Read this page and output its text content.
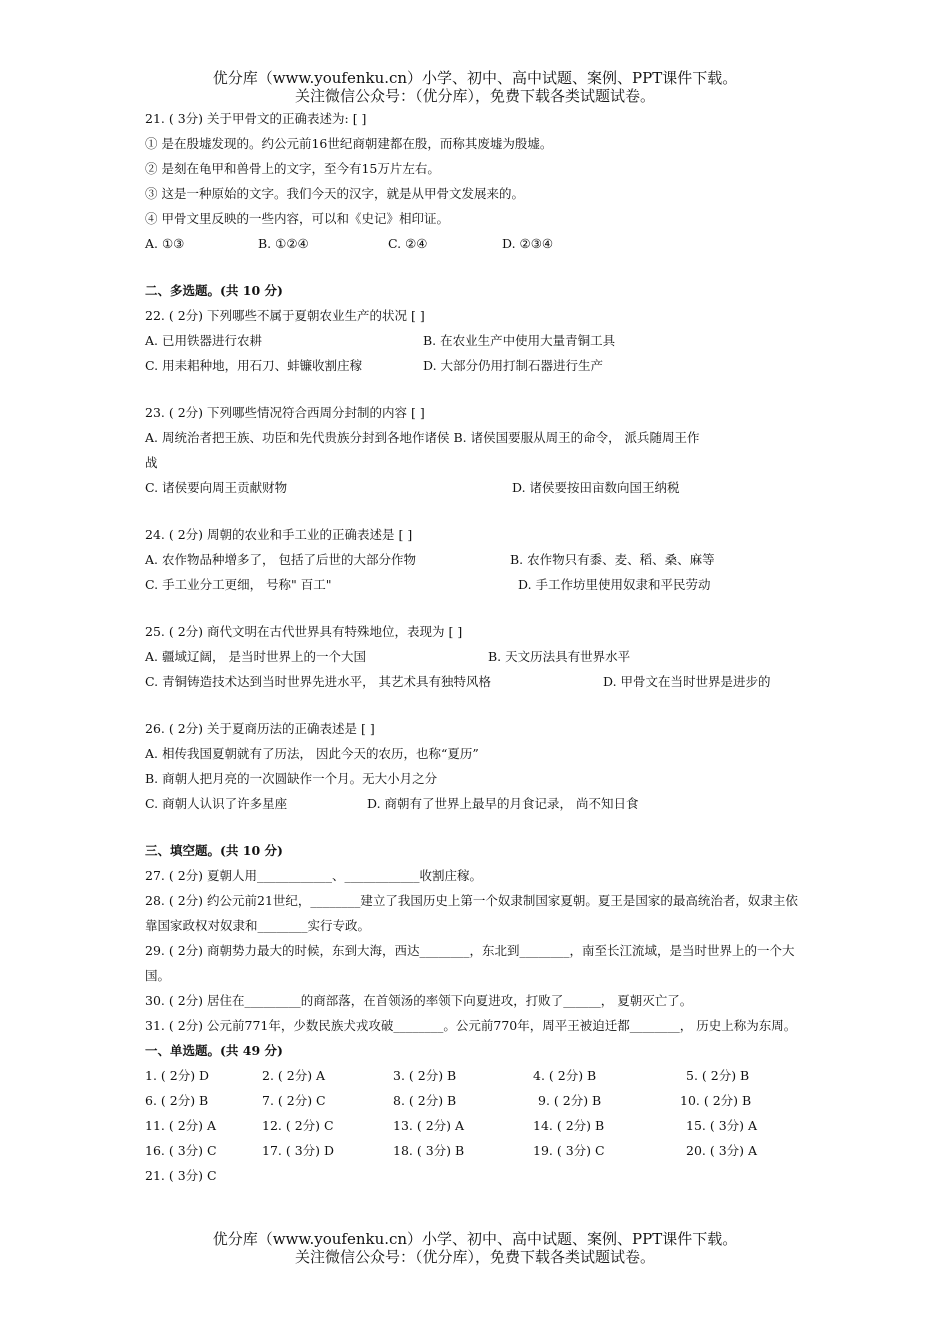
优分库（www.youfenku.cn）小学、初中、高中试题、案例、PPT课件下载。
关注微信公众号：（优分库），免费下载各类试题试卷。
21. ( 3分) 关于甲骨文的正确表述为: [ ]
① 是在殷墟发现的。约公元前16世纪商朝建都在殷，而称其废墟为殷墟。
② 是刻在龟甲和兽骨上的文字，至今有15万片左右。
③ 这是一种原始的文字。我们今天的汉字，就是从甲骨文发展来的。
④ 甲骨文里反映的一些内容，可以和《史记》相印证。
A. ①③	B. ①②④	C. ②④	D. ②③④
二、多选题。(共 10 分)
22. ( 2分) 下列哪些不属于夏朝农业生产的状况 [ ]
A. 已用铁器进行农耕	B. 在农业生产中使用大量青铜工具
C. 用耒耜种地，用石刀、蚌镰收割庄稼	D. 大部分仍用打制石器进行生产
23. ( 2分) 下列哪些情况符合西周分封制的内容 [ ]
A. 周统治者把王族、功臣和先代贵族分封到各地作诸侯 B. 诸侯国要服从周王的命令， 派兵随周王作
战
C. 诸侯要向周王贡献财物	D. 诸侯要按田亩数向国王纳税
24. ( 2分) 周朝的农业和手工业的正确表述是 [ ]
A. 农作物品种增多了， 包括了后世的大部分作物	B. 农作物只有黍、麦、稻、桑、麻等
C. 手工业分工更细， 号称" 百工"	D. 手工作坊里使用奴隶和平民劳动
25. ( 2分) 商代文明在古代世界具有特殊地位，表现为 [ ]
A. 疆域辽阔， 是当时世界上的一个大国	B. 天文历法具有世界水平
C. 青铜铸造技术达到当时世界先进水平， 其艺术具有独特风格	D. 甲骨文在当时世界是进步的
26. ( 2分) 关于夏商历法的正确表述是 [ ]
A. 相传我国夏朝就有了历法， 因此今天的农历，也称“夏历”
B. 商朝人把月亮的一次圆缺作一个月。无大小月之分
C. 商朝人认识了许多星座	D. 商朝有了世界上最早的月食记录， 尚不知日食
三、填空题。(共 10 分)
27. ( 2分) 夏朝人用____________、____________收割庄稼。
28. ( 2分) 约公元前21世纪，________建立了我国历史上第一个奴隶制国家夏朝。夏王是国家的最高统治者，奴隶主依靠国家政权对奴隶和________实行专政。
29. ( 2分) 商朝势力最大的时候，东到大海，西达________，东北到________，南至长江流域，是当时世界上的一个大国。
30. ( 2分) 居住在_________的商部落，在首领汤的率领下向夏进攻，打败了______， 夏朝灭亡了。
31. ( 2分) 公元前771年，少数民族犬戎攻破________。公元前770年，周平王被迫迁都________， 历史上称为东周。
一、单选题。(共 49 分)
1. ( 2分) D	2. ( 2分) A	3. ( 2分) B	4. ( 2分) B	5. ( 2分) B
6. ( 2分) B	7. ( 2分) C	8. ( 2分) B	9. ( 2分) B	10. ( 2分) B
11. ( 2分) A	12. ( 2分) C	13. ( 2分) A	14. ( 2分) B	15. ( 3分) A
16. ( 3分) C	17. ( 3分) D	18. ( 3分) B	19. ( 3分) C	20. ( 3分) A
21. ( 3分) C
优分库（www.youfenku.cn）小学、初中、高中试题、案例、PPT课件下载。
关注微信公众号：（优分库），免费下载各类试题试卷。
